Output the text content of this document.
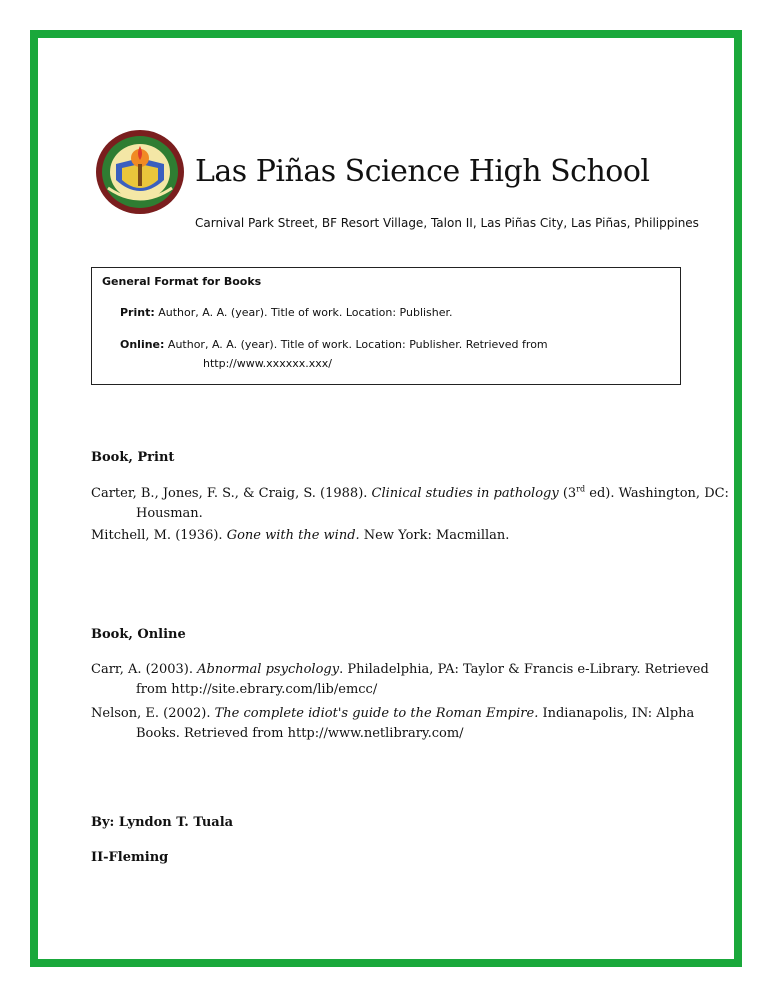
Las Piñas Science High School
Carnival Park Street, BF Resort Village, Talon II, Las Piñas City, Las Piñas, Philippines
General Format for Books
Print: Author, A. A. (year). Title of work. Location: Publisher.
Online: Author, A. A. (year). Title of work. Location: Publisher. Retrieved from
http://www.xxxxxx.xxx/
Book, Print
Carter, B., Jones, F. S., & Craig, S. (1988). Clinical studies in pathology (3rd ed). Washington, DC: Housman.
Mitchell, M. (1936). Gone with the wind. New York: Macmillan.
Book, Online
Carr, A. (2003). Abnormal psychology. Philadelphia, PA: Taylor & Francis e-Library. Retrieved from http://site.ebrary.com/lib/emcc/
Nelson, E. (2002). The complete idiot's guide to the Roman Empire. Indianapolis, IN: Alpha Books. Retrieved from http://www.netlibrary.com/
By: Lyndon T. Tuala
II-Fleming
